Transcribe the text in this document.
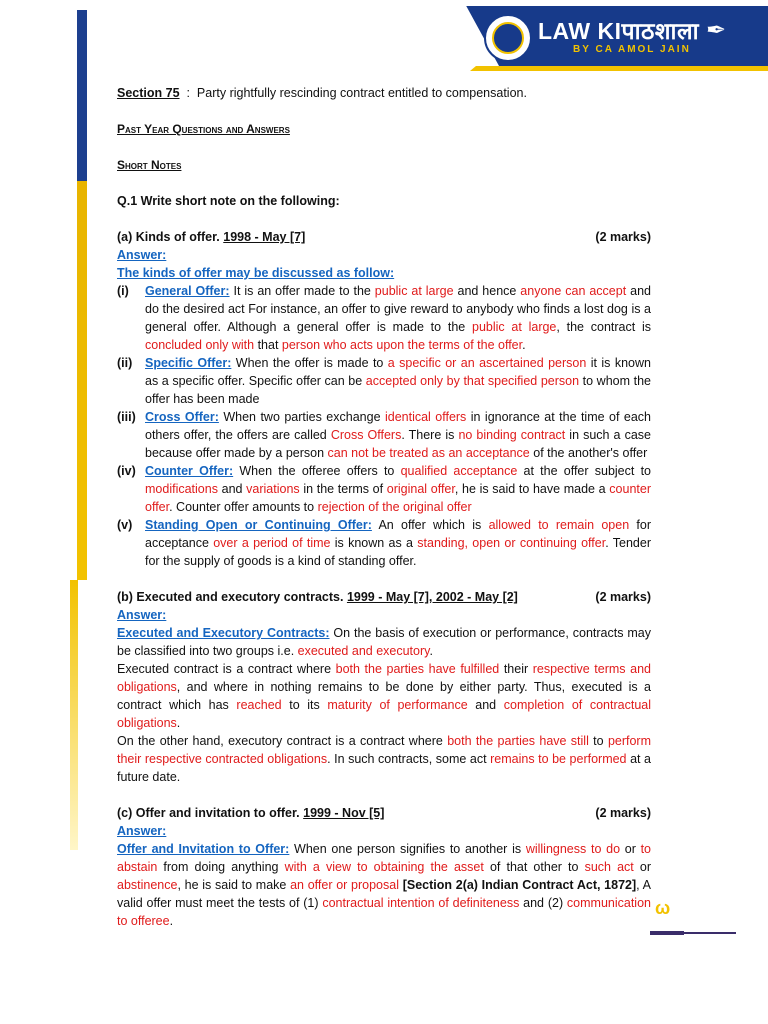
LAW KIपाठशाला
BY CA AMOL JAIN
✒

Section 75 : Party rightfully rescinding contract entitled to compensation.

Past Year Questions and Answers

Short Notes

Q.1 Write short note on the following:

(a) Kinds of offer. 1998 - May [7]	(2 marks)
Answer:
The kinds of offer may be discussed as follow:
(i)	General Offer: It is an offer made to the public at large and hence anyone can accept and do the desired act For instance, an offer to give reward to anybody who finds a lost dog is a general offer. Although a general offer is made to the public at large, the contract is concluded only with that person who acts upon the terms of the offer.
(ii)	Specific Offer: When the offer is made to a specific or an ascertained person it is known as a specific offer. Specific offer can be accepted only by that specified person to whom the offer has been made
(iii) Cross Offer: When two parties exchange identical offers in ignorance at the time of each others offer, the offers are called Cross Offers. There is no binding contract in such a case because offer made by a person can not be treated as an acceptance of the another's offer
(iv) Counter Offer: When the offeree offers to qualified acceptance at the offer subject to modifications and variations in the terms of original offer, he is said to have made a counter offer. Counter offer amounts to rejection of the original offer
(v)	Standing Open or Continuing Offer: An offer which is allowed to remain open for acceptance over a period of time is known as a standing, open or continuing offer. Tender for the supply of goods is a kind of standing offer.
(b) Executed and executory contracts. 1999 - May [7], 2002 - May [2]	(2 marks)
Answer:
Executed and Executory Contracts: On the basis of execution or performance, contracts may be classified into two groups i.e. executed and executory.
Executed contract is a contract where both the parties have fulfilled their respective terms and obligations, and where in nothing remains to be done by either party. Thus, executed is a contract which has reached to its maturity of performance and completion of contractual obligations.
On the other hand, executory contract is a contract where both the parties have still to perform their respective contracted obligations. In such contracts, some act remains to be performed at a future date.
(c) Offer and invitation to offer. 1999 - Nov [5]	(2 marks)
Answer:
Offer and Invitation to Offer: When one person signifies to another is willingness to do or to abstain from doing anything with a view to obtaining the asset of that other to such act or abstinence, he is said to make an offer or proposal [Section 2(a) Indian Contract Act, 1872], A valid offer must meet the tests of (1) contractual intention of definiteness and (2) communication to offeree.
ω
